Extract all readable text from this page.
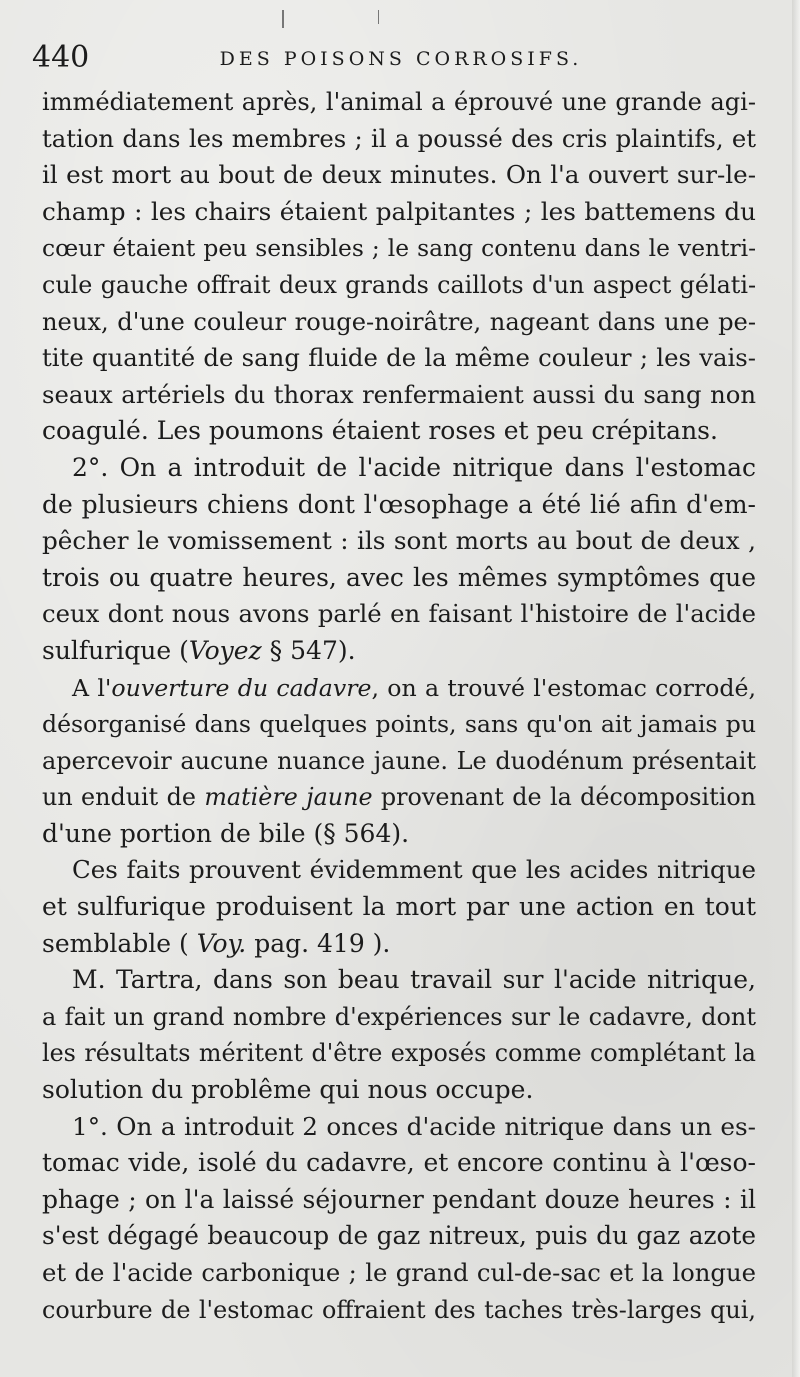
440	DES POISONS CORROSIFS.
immédiatement après, l'animal a éprouvé une grande agi-
tation dans les membres ; il a poussé des cris plaintifs, et
il est mort au bout de deux minutes. On l'a ouvert sur-le-
champ : les chairs étaient palpitantes ; les battemens du
cœur étaient peu sensibles ; le sang contenu dans le ventri-
cule gauche offrait deux grands caillots d'un aspect gélati-
neux, d'une couleur rouge-noirâtre, nageant dans une pe-
tite quantité de sang fluide de la même couleur ; les vais-
seaux artériels du thorax renfermaient aussi du sang non
coagulé. Les poumons étaient roses et peu crépitans.
2°. On a introduit de l'acide nitrique dans l'estomac
de plusieurs chiens dont l'œsophage a été lié afin d'em-
pêcher le vomissement : ils sont morts au bout de deux ,
trois ou quatre heures, avec les mêmes symptômes que
ceux dont nous avons parlé en faisant l'histoire de l'acide
sulfurique (Voyez § 547).
A l'ouverture du cadavre, on a trouvé l'estomac corrodé,
désorganisé dans quelques points, sans qu'on ait jamais pu
apercevoir aucune nuance jaune. Le duodénum présentait
un enduit de matière jaune provenant de la décomposition
d'une portion de bile (§ 564).
Ces faits prouvent évidemment que les acides nitrique
et sulfurique produisent la mort par une action en tout
semblable ( Voy. pag. 419 ).
M. Tartra, dans son beau travail sur l'acide nitrique,
a fait un grand nombre d'expériences sur le cadavre, dont
les résultats méritent d'être exposés comme complétant la
solution du problême qui nous occupe.
1°. On a introduit 2 onces d'acide nitrique dans un es-
tomac vide, isolé du cadavre, et encore continu à l'œso-
phage ; on l'a laissé séjourner pendant douze heures : il
s'est dégagé beaucoup de gaz nitreux, puis du gaz azote
et de l'acide carbonique ; le grand cul-de-sac et la longue
courbure de l'estomac offraient des taches très-larges qui,
